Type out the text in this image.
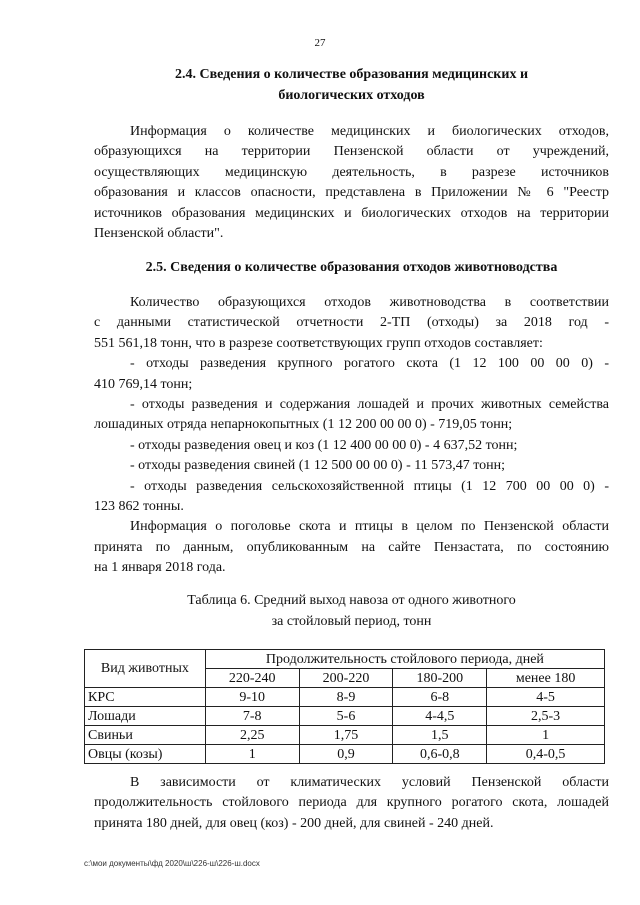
27
2.4. Сведения о количестве образования медицинских и
биологических отходов
Информация о количестве медицинских и биологических отходов,
образующихся на территории Пензенской области от учреждений,
осуществляющих медицинскую деятельность, в разрезе источников
образования и классов опасности, представлена в Приложении № 6 "Реестр
источников образования медицинских и биологических отходов на территории
Пензенской области".
2.5. Сведения о количестве образования отходов животноводства
Количество образующихся отходов животноводства в соответствии
с данными статистической отчетности 2-ТП (отходы) за 2018 год -
551 561,18 тонн, что в разрезе соответствующих групп отходов составляет:
- отходы разведения крупного рогатого скота (1 12 100 00 00 0) -
410 769,14 тонн;
- отходы разведения и содержания лошадей и прочих животных семейства
лошадиных отряда непарнокопытных (1 12 200 00 00 0) - 719,05 тонн;
- отходы разведения овец и коз (1 12 400 00 00 0) - 4 637,52 тонн;
- отходы разведения свиней (1 12 500 00 00 0) - 11 573,47 тонн;
- отходы разведения сельскохозяйственной птицы (1 12 700 00 00 0) -
123 862 тонны.
Информация о поголовье скота и птицы в целом по Пензенской области
принята по данным, опубликованным на сайте Пензастата, по состоянию
на 1 января 2018 года.
Таблица 6. Средний выход навоза от одного животного
за стойловый период, тонн
Вид животных	Продолжительность стойлового периода, дней			
	220-240	200-220	180-200	менее 180
КРС	9-10	8-9	6-8	4-5
Лошади	7-8	5-6	4-4,5	2,5-3
Свиньи	2,25	1,75	1,5	1
Овцы (козы)	1	0,9	0,6-0,8	0,4-0,5
В зависимости от климатических условий Пензенской области
продолжительность стойлового периода для крупного рогатого скота, лошадей
принята 180 дней, для овец (коз) - 200 дней, для свиней - 240 дней.
c:\мои документы\фд 2020\ш\226-ш\226-ш.docx
